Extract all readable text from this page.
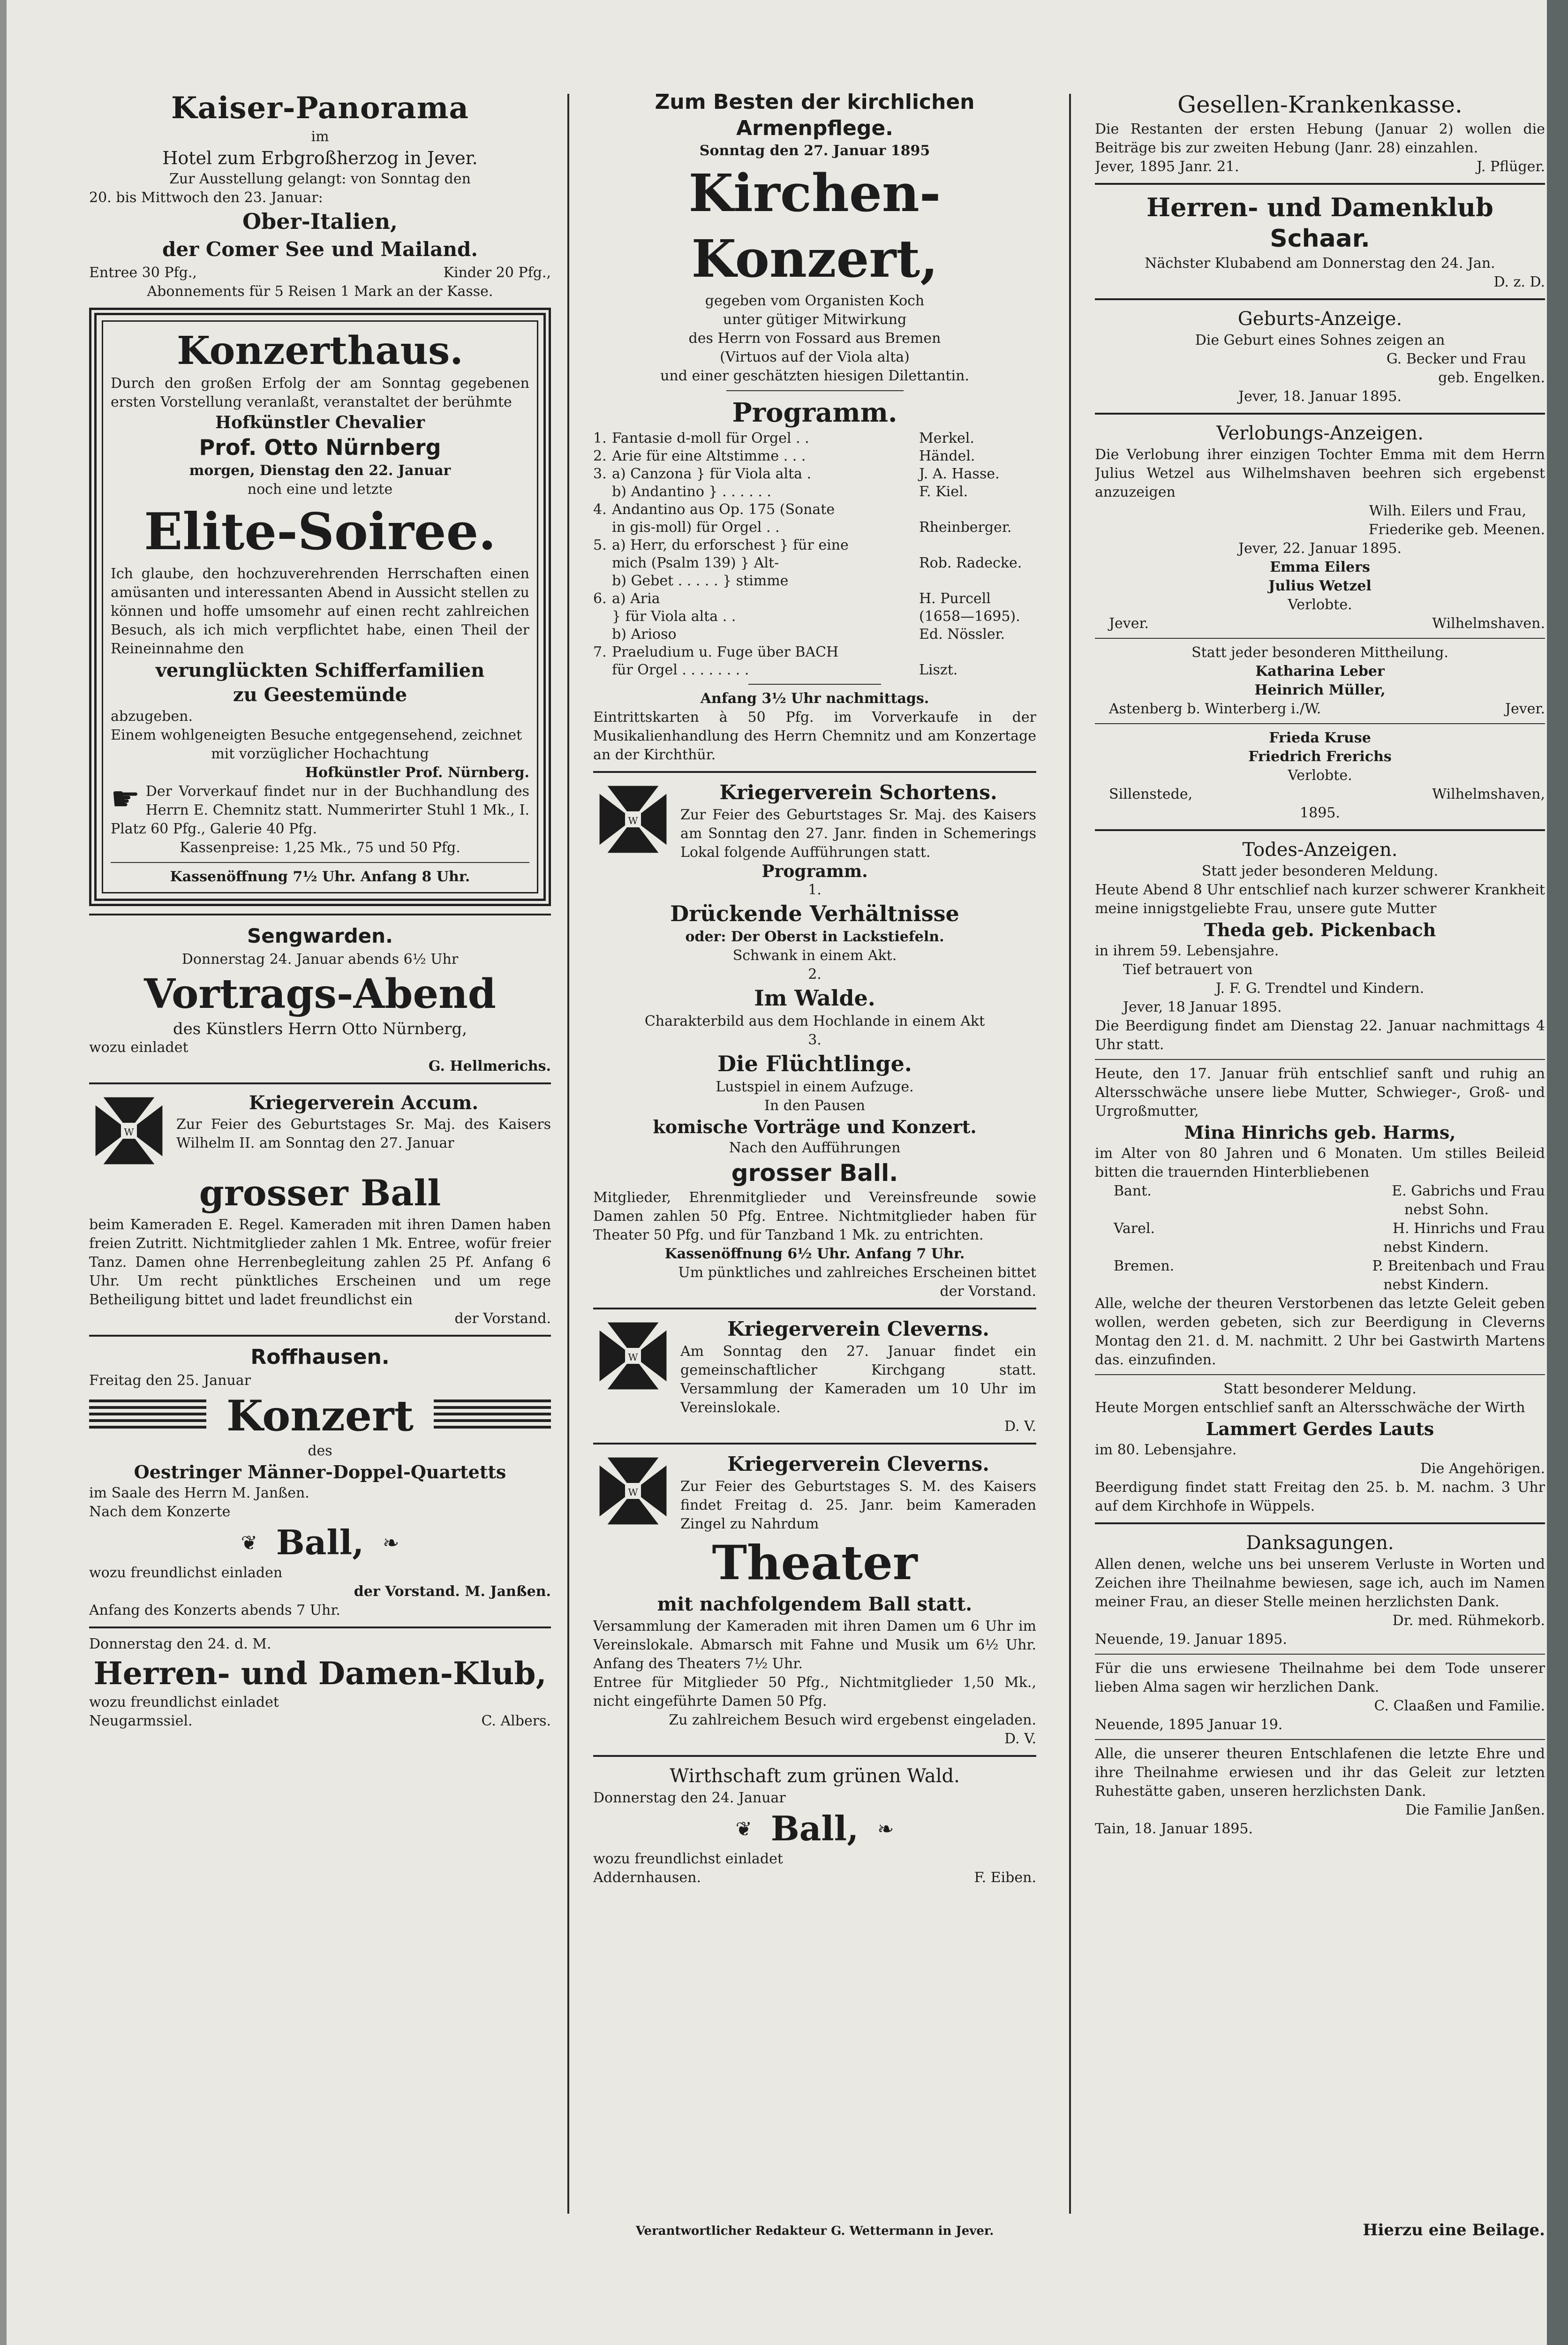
Kaiser-Panorama

im

Hotel zum Erbgroßherzog in Jever.

Zur Ausstellung gelangt: von Sonntag den

20. bis Mittwoch den 23. Januar:

Ober-Italien,

der Comer See und Mailand.

Entree 30 Pfg.,	Kinder 20 Pfg.,

Abonnements für 5 Reisen 1 Mark an der Kasse.

Konzerthaus.

Durch den großen Erfolg der am Sonntag gegebenen ersten Vorstellung veranlaßt, veranstaltet der berühmte

Hofkünstler Chevalier

Prof. Otto Nürnberg

morgen, Dienstag den 22. Januar

noch eine und letzte

Elite-Soiree.

Ich glaube, den hochzuverehrenden Herrschaften einen amüsanten und interessanten Abend in Aussicht stellen zu können und hoffe umsomehr auf einen recht zahlreichen Besuch, als ich mich verpflichtet habe, einen Theil der Reineinnahme den

verunglückten Schifferfamilien

zu Geestemünde

abzugeben.

Einem wohlgeneigten Besuche entgegensehend, zeichnet

mit vorzüglicher Hochachtung

Hofkünstler Prof. Nürnberg.

☛ Der Vorverkauf findet nur in der Buchhandlung des Herrn E. Chemnitz statt. Nummerirter Stuhl 1 Mk., I. Platz 60 Pfg., Galerie 40 Pfg.

Kassenpreise: 1,25 Mk., 75 und 50 Pfg.

Kassenöffnung 7½ Uhr. Anfang 8 Uhr.

Sengwarden.

Donnerstag 24. Januar abends 6½ Uhr

Vortrags-Abend

des Künstlers Herrn Otto Nürnberg,

wozu einladet

G. Hellmerichs.

W

Kriegerverein Accum.

Zur Feier des Geburtstages Sr. Maj. des Kaisers Wilhelm II. am Sonntag den 27. Januar

grosser Ball

beim Kameraden E. Regel. Kameraden mit ihren Damen haben freien Zutritt. Nichtmitglieder zahlen 1 Mk. Entree, wofür freier Tanz. Damen ohne Herrenbegleitung zahlen 25 Pf. Anfang 6 Uhr. Um recht pünktliches Erscheinen und um rege Betheiligung bittet und ladet freundlichst ein

der Vorstand.

Roffhausen.

Freitag den 25. Januar

Konzert

des

Oestringer Männer-Doppel-Quartetts

im Saale des Herrn M. Janßen.

Nach dem Konzerte

❦ Ball, ❧

wozu freundlichst einladen

der Vorstand. M. Janßen.

Anfang des Konzerts abends 7 Uhr.

Donnerstag den 24. d. M.

Herren- und Damen-Klub,

wozu freundlichst einladet

Neugarmssiel.	C. Albers.

Zum Besten der kirchlichen

Armenpflege.

Sonntag den 27. Januar 1895

Kirchen-Konzert,

gegeben vom Organisten Koch

unter gütiger Mitwirkung

des Herrn von Fossard aus Bremen

(Virtuos auf der Viola alta)

und einer geschätzten hiesigen Dilettantin.

Programm.

1.	Fantasie d-moll für Orgel . .	Merkel.
2.	Arie für eine Altstimme . . .	Händel.
3.	a) Canzona } für Viola alta .	J. A. Hasse.
	b) Andantino } . . . . . .	F. Kiel.
4.	Andantino aus Op. 175 (Sonate	
	in gis-moll) für Orgel . .	Rheinberger.
5.	a) Herr, du erforschest } für eine	
	mich (Psalm 139) } Alt-	Rob. Radecke.
	b) Gebet . . . . . } stimme	
6.	a) Aria	H. Purcell
	} für Viola alta . .	(1658—1695).
	b) Arioso	Ed. Nössler.
7.	Praeludium u. Fuge über BACH	
	für Orgel . . . . . . . .	Liszt.

Anfang 3½ Uhr nachmittags.

Eintrittskarten à 50 Pfg. im Vorverkaufe in der Musikalienhandlung des Herrn Chemnitz und am Konzertage an der Kirchthür.

W

Kriegerverein Schortens.

Zur Feier des Geburtstages Sr. Maj. des Kaisers am Sonntag den 27. Janr. finden in Schemerings Lokal folgende Aufführungen statt.

Programm.

1.

Drückende Verhältnisse

oder: Der Oberst in Lackstiefeln.

Schwank in einem Akt.

2.

Im Walde.

Charakterbild aus dem Hochlande in einem Akt

3.

Die Flüchtlinge.

Lustspiel in einem Aufzuge.

In den Pausen

komische Vorträge und Konzert.

Nach den Aufführungen

grosser Ball.

Mitglieder, Ehrenmitglieder und Vereinsfreunde sowie Damen zahlen 50 Pfg. Entree. Nichtmitglieder haben für Theater 50 Pfg. und für Tanzband 1 Mk. zu entrichten.

Kassenöffnung 6½ Uhr. Anfang 7 Uhr.

Um pünktliches und zahlreiches Erscheinen bittet

der Vorstand.

W

Kriegerverein Cleverns.

Am Sonntag den 27. Januar findet ein gemeinschaftlicher Kirchgang statt. Versammlung der Kameraden um 10 Uhr im Vereinslokale.

D. V.

W

Kriegerverein Cleverns.

Zur Feier des Geburtstages S. M. des Kaisers findet Freitag d. 25. Janr. beim Kameraden Zingel zu Nahrdum

Theater

mit nachfolgendem Ball statt.

Versammlung der Kameraden mit ihren Damen um 6 Uhr im Vereinslokale. Abmarsch mit Fahne und Musik um 6½ Uhr. Anfang des Theaters 7½ Uhr.

Entree für Mitglieder 50 Pfg., Nichtmitglieder 1,50 Mk., nicht eingeführte Damen 50 Pfg.

Zu zahlreichem Besuch wird ergebenst eingeladen.

D. V.

Wirthschaft zum grünen Wald.

Donnerstag den 24. Januar

❦ Ball, ❧

wozu freundlichst einladet

Addernhausen.	F. Eiben.

Gesellen-Krankenkasse.

Die Restanten der ersten Hebung (Januar 2) wollen die Beiträge bis zur zweiten Hebung (Janr. 28) einzahlen.

Jever, 1895 Janr. 21.	J. Pflüger.

Herren- und Damenklub

Schaar.

Nächster Klubabend am Donnerstag den 24. Jan.

D. z. D.

Geburts-Anzeige.

Die Geburt eines Sohnes zeigen an

G. Becker und Frau

geb. Engelken.

Jever, 18. Januar 1895.

Verlobungs-Anzeigen.

Die Verlobung ihrer einzigen Tochter Emma mit dem Herrn Julius Wetzel aus Wilhelmshaven beehren sich ergebenst anzuzeigen

Wilh. Eilers und Frau,

Friederike geb. Meenen.

Jever, 22. Januar 1895.

Emma Eilers

Julius Wetzel

Verlobte.

Jever.	Wilhelmshaven.

Statt jeder besonderen Mittheilung.

Katharina Leber

Heinrich Müller,

Astenberg b. Winterberg i./W.	Jever.

Frieda Kruse

Friedrich Frerichs

Verlobte.

Sillenstede,	Wilhelmshaven,

1895.

Todes-Anzeigen.

Statt jeder besonderen Meldung.

Heute Abend 8 Uhr entschlief nach kurzer schwerer Krankheit meine innigstgeliebte Frau, unsere gute Mutter

Theda geb. Pickenbach

in ihrem 59. Lebensjahre.

Tief betrauert von

J. F. G. Trendtel und Kindern.

Jever, 18 Januar 1895.

Die Beerdigung findet am Dienstag 22. Januar nachmittags 4 Uhr statt.

Heute, den 17. Januar früh entschlief sanft und ruhig an Altersschwäche unsere liebe Mutter, Schwieger-, Groß- und Urgroßmutter,

Mina Hinrichs geb. Harms,

im Alter von 80 Jahren und 6 Monaten. Um stilles Beileid bitten die trauernden Hinterbliebenen

Bant.	E. Gabrichs und Frau

nebst Sohn.

Varel.	H. Hinrichs und Frau

nebst Kindern.

Bremen.	P. Breitenbach und Frau

nebst Kindern.

Alle, welche der theuren Verstorbenen das letzte Geleit geben wollen, werden gebeten, sich zur Beerdigung in Cleverns Montag den 21. d. M. nachmitt. 2 Uhr bei Gastwirth Martens das. einzufinden.

Statt besonderer Meldung.

Heute Morgen entschlief sanft an Altersschwäche der Wirth

Lammert Gerdes Lauts

im 80. Lebensjahre.

Die Angehörigen.

Beerdigung findet statt Freitag den 25. b. M. nachm. 3 Uhr auf dem Kirchhofe in Wüppels.

Danksagungen.

Allen denen, welche uns bei unserem Verluste in Worten und Zeichen ihre Theilnahme bewiesen, sage ich, auch im Namen meiner Frau, an dieser Stelle meinen herzlichsten Dank.

Dr. med. Rühmekorb.

Neuende, 19. Januar 1895.

Für die uns erwiesene Theilnahme bei dem Tode unserer lieben Alma sagen wir herzlichen Dank.

C. Claaßen und Familie.

Neuende, 1895 Januar 19.

Alle, die unserer theuren Entschlafenen die letzte Ehre und ihre Theilnahme erwiesen und ihr das Geleit zur letzten Ruhestätte gaben, unseren herzlichsten Dank.

Die Familie Janßen.

Tain, 18. Januar 1895.

Verantwortlicher Redakteur G. Wettermann in Jever.	Hierzu eine Beilage.
